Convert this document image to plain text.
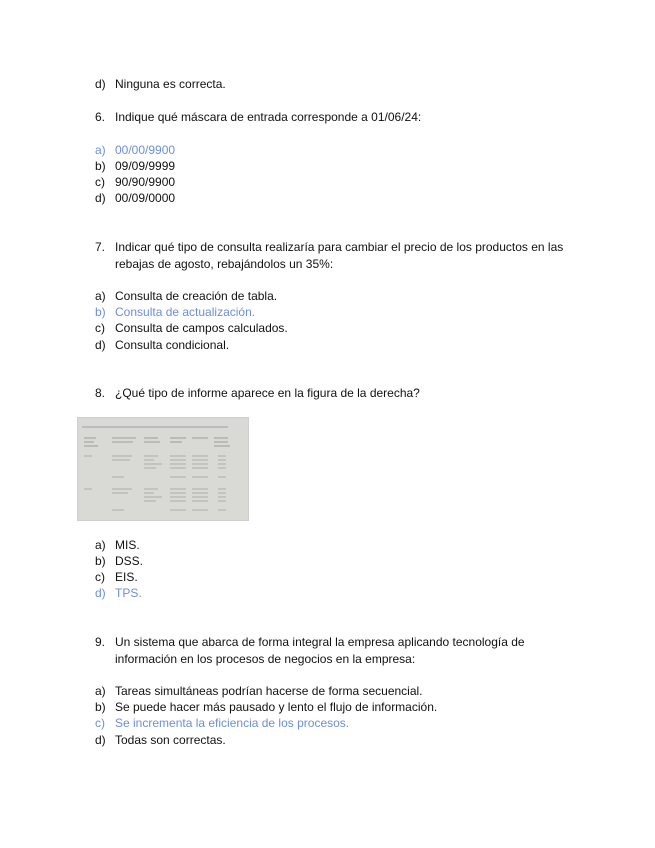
d) Ninguna es correcta.
6. Indique qué máscara de entrada corresponde a 01/06/24:
a) 00/00/9900
b) 09/09/9999
c) 90/90/9900
d) 00/09/0000
7. Indicar qué tipo de consulta realizaría para cambiar el precio de los productos en las
rebajas de agosto, rebajándolos un 35%:
a) Consulta de creación de tabla.
b) Consulta de actualización.
c) Consulta de campos calculados.
d) Consulta condicional.
8. ¿Qué tipo de informe aparece en la figura de la derecha?
a) MIS.
b) DSS.
c) EIS.
d) TPS.
9. Un sistema que abarca de forma integral la empresa aplicando tecnología de
información en los procesos de negocios en la empresa:
a) Tareas simultáneas podrían hacerse de forma secuencial.
b) Se puede hacer más pausado y lento el flujo de información.
c) Se incrementa la eficiencia de los procesos.
d) Todas son correctas.
